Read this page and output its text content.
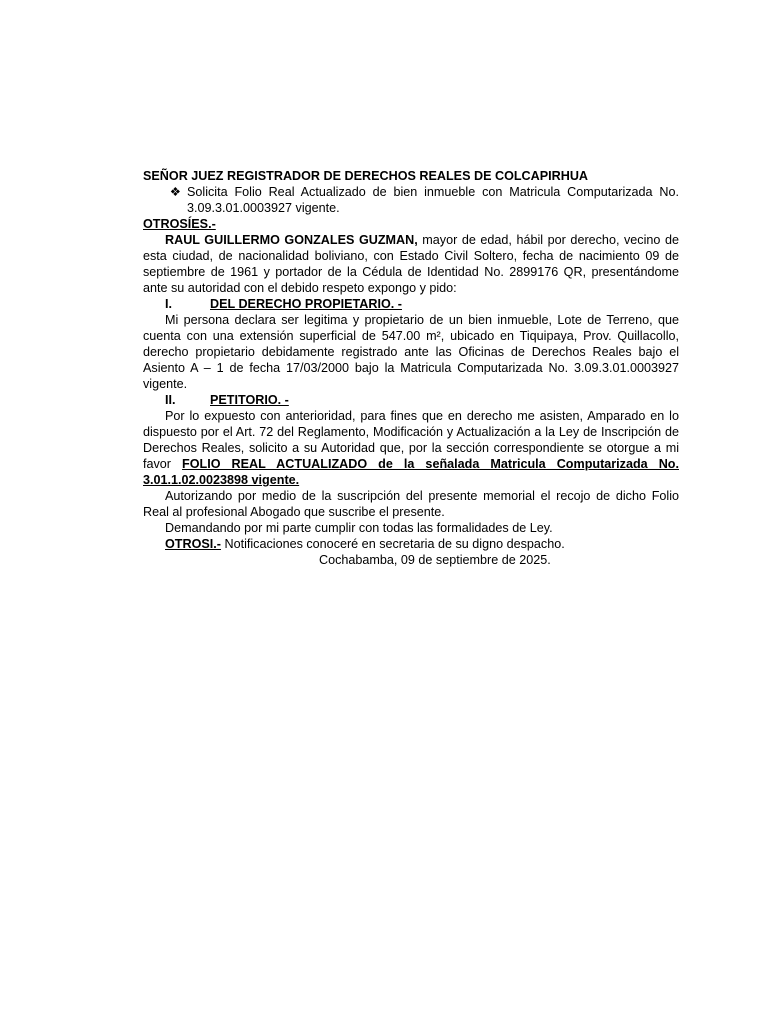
SEÑOR JUEZ REGISTRADOR DE DERECHOS REALES DE COLCAPIRHUA

❖ Solicita Folio Real Actualizado de bien inmueble con Matricula Computarizada No. 3.09.3.01.0003927 vigente.
OTROSÍES.-

RAUL GUILLERMO GONZALES GUZMAN, mayor de edad, hábil por derecho, vecino de esta ciudad, de nacionalidad boliviano, con Estado Civil Soltero, fecha de nacimiento 09 de septiembre de 1961 y portador de la Cédula de Identidad No. 2899176 QR, presentándome ante su autoridad con el debido respeto expongo y pido:

I.	DEL DERECHO PROPIETARIO. -

Mi persona declara ser legitima y propietario de un bien inmueble, Lote de Terreno, que cuenta con una extensión superficial de 547.00 m², ubicado en Tiquipaya, Prov. Quillacollo, derecho propietario debidamente registrado ante las Oficinas de Derechos Reales bajo el Asiento A – 1 de fecha 17/03/2000 bajo la Matricula Computarizada No. 3.09.3.01.0003927 vigente.

II.	PETITORIO. -

Por lo expuesto con anterioridad, para fines que en derecho me asisten, Amparado en lo dispuesto por el Art. 72 del Reglamento, Modificación y Actualización a la Ley de Inscripción de Derechos Reales, solicito a su Autoridad que, por la sección correspondiente se otorgue a mi favor FOLIO REAL ACTUALIZADO de la señalada Matricula Computarizada No. 3.01.1.02.0023898 vigente.

Autorizando por medio de la suscripción del presente memorial el recojo de dicho Folio Real al profesional Abogado que suscribe el presente.

Demandando por mi parte cumplir con todas las formalidades de Ley.

OTROSI.- Notificaciones conoceré en secretaria de su digno despacho.

Cochabamba, 09 de septiembre de 2025.
